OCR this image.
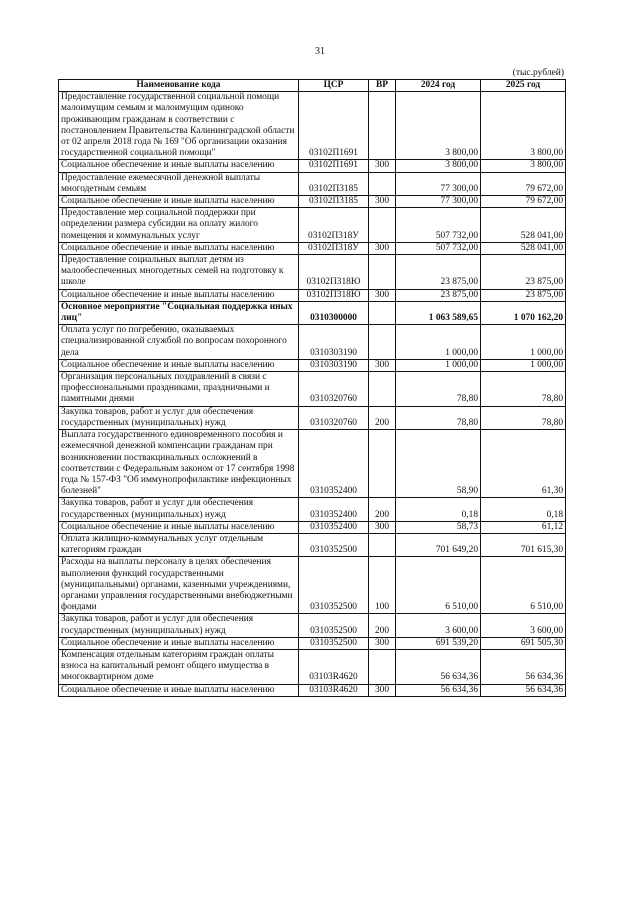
31
(тыс.рублей)
Наименование кода	ЦСР	ВР	2024 год	2025 год
Предоставление государственной социальной помощи малоимущим семьям и малоимущим одиноко проживающим гражданам в соответствии с постановлением Правительства Калининградской области от 02 апреля 2018 года № 169 "Об организации оказания государственной социальной помощи"	03102П1691		3 800,00	3 800,00
Социальное обеспечение и иные выплаты населению	03102П1691	300	3 800,00	3 800,00
Предоставление ежемесячной денежной выплаты многодетным семьям	03102П3185		77 300,00	79 672,00
Социальное обеспечение и иные выплаты населению	03102П3185	300	77 300,00	79 672,00
Предоставление мер социальной поддержки при определении размера субсидии на оплату жилого помещения и коммунальных услуг	03102П318У		507 732,00	528 041,00
Социальное обеспечение и иные выплаты населению	03102П318У	300	507 732,00	528 041,00
Предоставление социальных выплат детям из малообеспеченных многодетных семей на подготовку к школе	03102П318Ю		23 875,00	23 875,00
Социальное обеспечение и иные выплаты населению	03102П318Ю	300	23 875,00	23 875,00
Основное мероприятие "Социальная поддержка иных лиц"	0310300000		1 063 589,65	1 070 162,20
Оплата услуг по погребению, оказываемых специализированной службой по вопросам похоронного дела	0310303190		1 000,00	1 000,00
Социальное обеспечение и иные выплаты населению	0310303190	300	1 000,00	1 000,00
Организация персональных поздравлений в связи с профессиональными праздниками, праздничными и памятными днями	0310320760		78,80	78,80
Закупка товаров, работ и услуг для обеспечения государственных (муниципальных) нужд	0310320760	200	78,80	78,80
Выплата государственного единовременного пособия и ежемесячной денежной компенсации гражданам при возникновении поствакцинальных осложнений в соответствии с Федеральным законом от 17 сентября 1998 года № 157-ФЗ "Об иммунопрофилактике инфекционных болезней"	0310352400		58,90	61,30
Закупка товаров, работ и услуг для обеспечения государственных (муниципальных) нужд	0310352400	200	0,18	0,18
Социальное обеспечение и иные выплаты населению	0310352400	300	58,73	61,12
Оплата жилищно-коммунальных услуг отдельным категориям граждан	0310352500		701 649,20	701 615,30
Расходы на выплаты персоналу в целях обеспечения выполнения функций государственными (муниципальными) органами, казенными учреждениями, органами управления государственными внебюджетными фондами	0310352500	100	6 510,00	6 510,00
Закупка товаров, работ и услуг для обеспечения государственных (муниципальных) нужд	0310352500	200	3 600,00	3 600,00
Социальное обеспечение и иные выплаты населению	0310352500	300	691 539,20	691 505,30
Компенсация отдельным категориям граждан оплаты взноса на капитальный ремонт общего имущества в многоквартирном доме	03103R4620		56 634,36	56 634,36
Социальное обеспечение и иные выплаты населению	03103R4620	300	56 634,36	56 634,36
